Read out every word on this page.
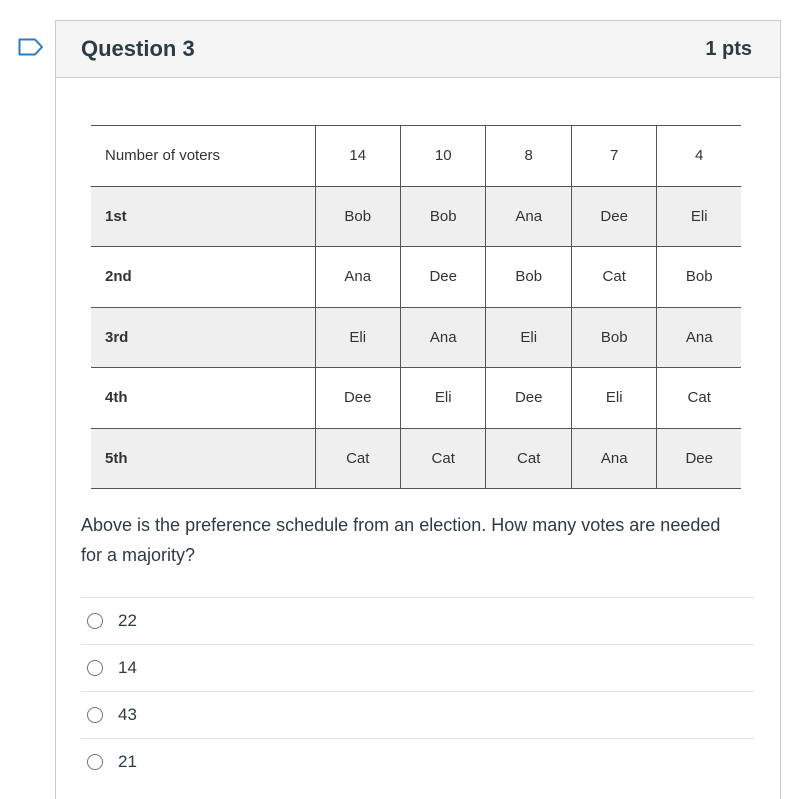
Question 3	1 pts
Number of voters	14	10	8	7	4
1st	Bob	Bob	Ana	Dee	Eli
2nd	Ana	Dee	Bob	Cat	Bob
3rd	Eli	Ana	Eli	Bob	Ana
4th	Dee	Eli	Dee	Eli	Cat
5th	Cat	Cat	Cat	Ana	Dee

Above is the preference schedule from an election. How many votes are needed for a majority?

22
14
43
21
